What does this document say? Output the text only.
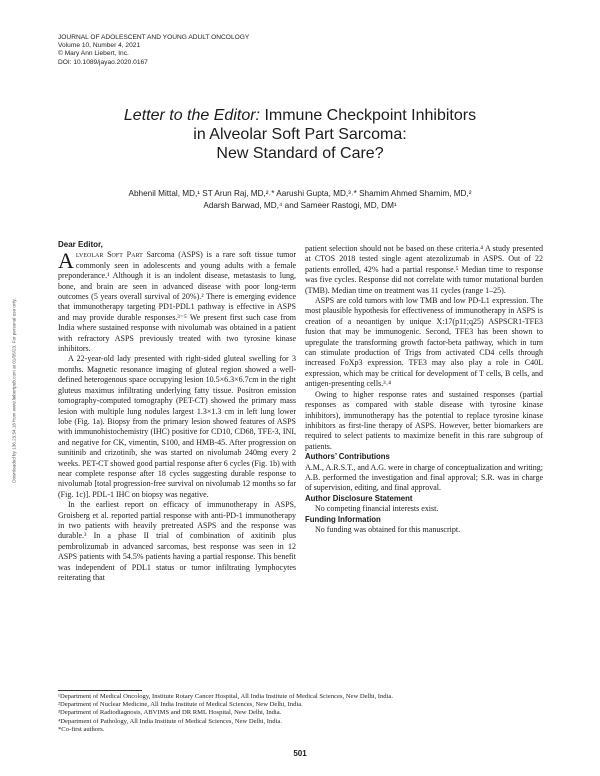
JOURNAL OF ADOLESCENT AND YOUNG ADULT ONCOLOGY
Volume 10, Number 4, 2021
© Mary Ann Liebert, Inc.
DOI: 10.1089/jayao.2020.0167
Downloaded by 136.23.54.18 from www.liebertpub.com at 01/05/23. For personal use only.
Letter to the Editor: Immune Checkpoint Inhibitors
in Alveolar Soft Part Sarcoma:
New Standard of Care?
Abhenil Mittal, MD,¹ ST Arun Raj, MD,²˒* Aarushi Gupta, MD,³˒* Shamim Ahmed Shamim, MD,²
Adarsh Barwad, MD,⁴ and Sameer Rastogi, MD, DM¹

Dear Editor,

Alveolar Soft Part Sarcoma (ASPS) is a rare soft tissue tumor commonly seen in adolescents and young adults with a female preponderance.¹ Although it is an indolent disease, metastasis to lung, bone, and brain are seen in advanced disease with poor long-term outcomes (5 years overall survival of 20%).² There is emerging evidence that immunotherapy targeting PD1-PDL1 pathway is effective in ASPS and may provide durable responses.³⁻⁵ We present first such case from India where sustained response with nivolumab was obtained in a patient with refractory ASPS previously treated with two tyrosine kinase inhibitors.

A 22-year-old lady presented with right-sided gluteal swelling for 3 months. Magnetic resonance imaging of gluteal region showed a well-defined heterogenous space occupying lesion 10.5×6.3×6.7cm in the right gluteus maximus infiltrating underlying fatty tissue. Positron emission tomography-computed tomography (PET-CT) showed the primary mass lesion with multiple lung nodules largest 1.3×1.3 cm in left lung lower lobe (Fig. 1a). Biopsy from the primary lesion showed features of ASPS with immunohistochemistry (IHC) positive for CD10, CD68, TFE-3, INI, and negative for CK, vimentin, S100, and HMB-45. After progression on sunitinib and crizotinib, she was started on nivolumab 240mg every 2 weeks. PET-CT showed good partial response after 6 cycles (Fig. 1b) with near complete response after 18 cycles suggesting durable response to nivolumab [total progression-free survival on nivolumab 12 months so far (Fig. 1c)]. PDL-1 IHC on biopsy was negative.

In the earliest report on efficacy of immunotherapy in ASPS, Groisberg et al. reported partial response with anti-PD-1 immunotherapy in two patients with heavily pretreated ASPS and the response was durable.³ In a phase II trial of combination of axitinib plus pembrolizumab in advanced sarcomas, best response was seen in 12 ASPS patients with 54.5% patients having a partial response. This benefit was independent of PDL1 status or tumor infiltrating lymphocytes reiterating that

patient selection should not be based on these criteria.⁴ A study presented at CTOS 2018 tested single agent atezolizumab in ASPS. Out of 22 patients enrolled, 42% had a partial response.⁵ Median time to response was five cycles. Response did not correlate with tumor mutational burden (TMB). Median time on treatment was 11 cycles (range 1–25).

ASPS are cold tumors with low TMB and low PD-L1 expression. The most plausible hypothesis for effectiveness of immunotherapy in ASPS is creation of a neoantigen by unique X:17(p11;q25) ASPSCR1-TFE3 fusion that may be immunogenic. Second, TFE3 has been shown to upregulate the transforming growth factor-beta pathway, which in turn can stimulate production of Trigs from activated CD4 cells through increased FoXp3 expression. TFE3 may also play a role in C40L expression, which may be critical for development of T cells, B cells, and antigen-presenting cells.³˒⁴

Owing to higher response rates and sustained responses (partial responses as compared with stable disease with tyrosine kinase inhibitors), immunotherapy has the potential to replace tyrosine kinase inhibitors as first-line therapy of ASPS. However, better biomarkers are required to select patients to maximize benefit in this rare subgroup of patients.

Authors’ Contributions

A.M., A.R.S.T., and A.G. were in charge of conceptualization and writing; A.B. performed the investigation and final approval; S.R. was in charge of supervision, editing, and final approval.

Author Disclosure Statement

No competing financial interests exist.

Funding Information

No funding was obtained for this manuscript.

¹Department of Medical Oncology, Institute Rotary Cancer Hospital, All India Institute of Medical Sciences, New Delhi, India.
²Department of Nuclear Medicine, All India Institute of Medical Sciences, New Delhi, India.
³Department of Radiodiagnosis, ABVIMS and DR RML Hospital, New Delhi, India.
⁴Department of Pathology, All India Institute of Medical Sciences, New Delhi, India.
*Co-first authors.
501
